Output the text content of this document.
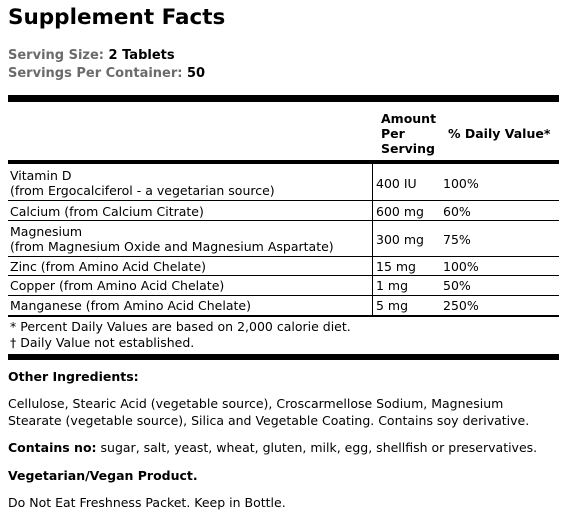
Supplement Facts
Serving Size: 2 Tablets
Servings Per Container: 50
Amount
Per
Serving
% Daily Value*
Vitamin D
(from Ergocalciferol - a vegetarian source)	400 IU 100%
Calcium (from Calcium Citrate)	600 mg 60%
Magnesium
(from Magnesium Oxide and Magnesium Aspartate)	300 mg 75%
Zinc (from Amino Acid Chelate)	15 mg 100%
Copper (from Amino Acid Chelate)	1 mg	50%
Manganese (from Amino Acid Chelate)	5 mg	250%
* Percent Daily Values are based on 2,000 calorie diet.
† Daily Value not established.
Other Ingredients:
Cellulose, Stearic Acid (vegetable source), Croscarmellose Sodium, Magnesium
Stearate (vegetable source), Silica and Vegetable Coating. Contains soy derivative.
Contains no: sugar, salt, yeast, wheat, gluten, milk, egg, shellfish or preservatives.
Vegetarian/Vegan Product.
Do Not Eat Freshness Packet. Keep in Bottle.
